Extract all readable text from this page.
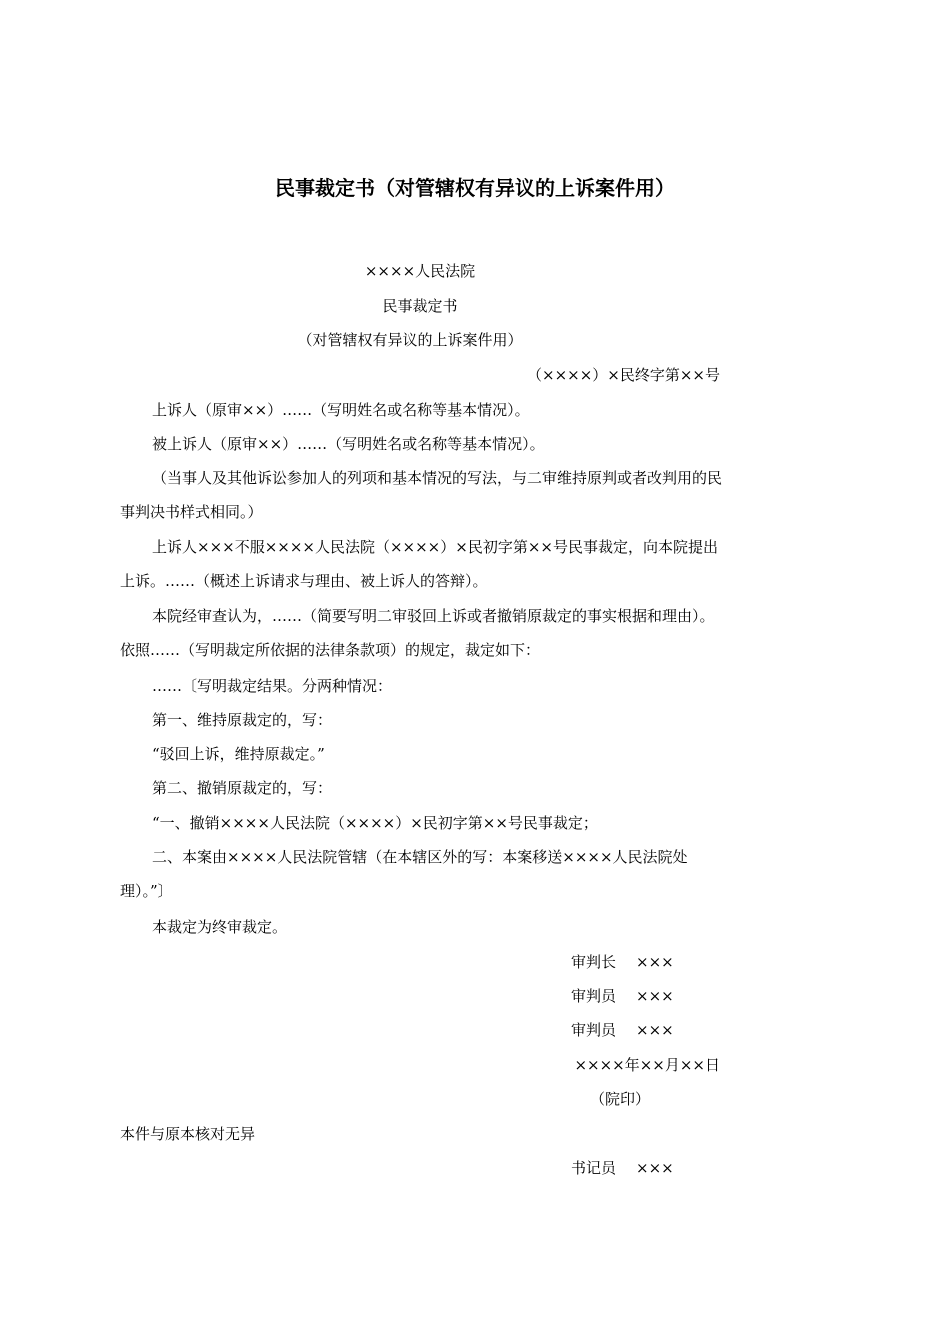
民事裁定书（对管辖权有异议的上诉案件用）

××××人民法院

民事裁定书

（对管辖权有异议的上诉案件用）

（××××）×民终字第××号

上诉人（原审××）……（写明姓名或名称等基本情况）。

被上诉人（原审××）……（写明姓名或名称等基本情况）。

（当事人及其他诉讼参加人的列项和基本情况的写法，与二审维持原判或者改判用的民事判决书样式相同。）

上诉人×××不服××××人民法院（××××）×民初字第××号民事裁定，向本院提出上诉。……（概述上诉请求与理由、被上诉人的答辩）。

本院经审查认为，……（简要写明二审驳回上诉或者撤销原裁定的事实根据和理由）。依照……（写明裁定所依据的法律条款项）的规定，裁定如下：

……〔写明裁定结果。分两种情况：

第一、维持原裁定的，写：

“驳回上诉，维持原裁定。”

第二、撤销原裁定的，写：

“一、撤销××××人民法院（××××）×民初字第××号民事裁定；

二、本案由××××人民法院管辖（在本辖区外的写：本案移送××××人民法院处理）。”〕

本裁定为终审裁定。

审判长 ×××

审判员 ×××

审判员 ×××

××××年××月××日

（院印）

本件与原本核对无异

书记员 ×××
